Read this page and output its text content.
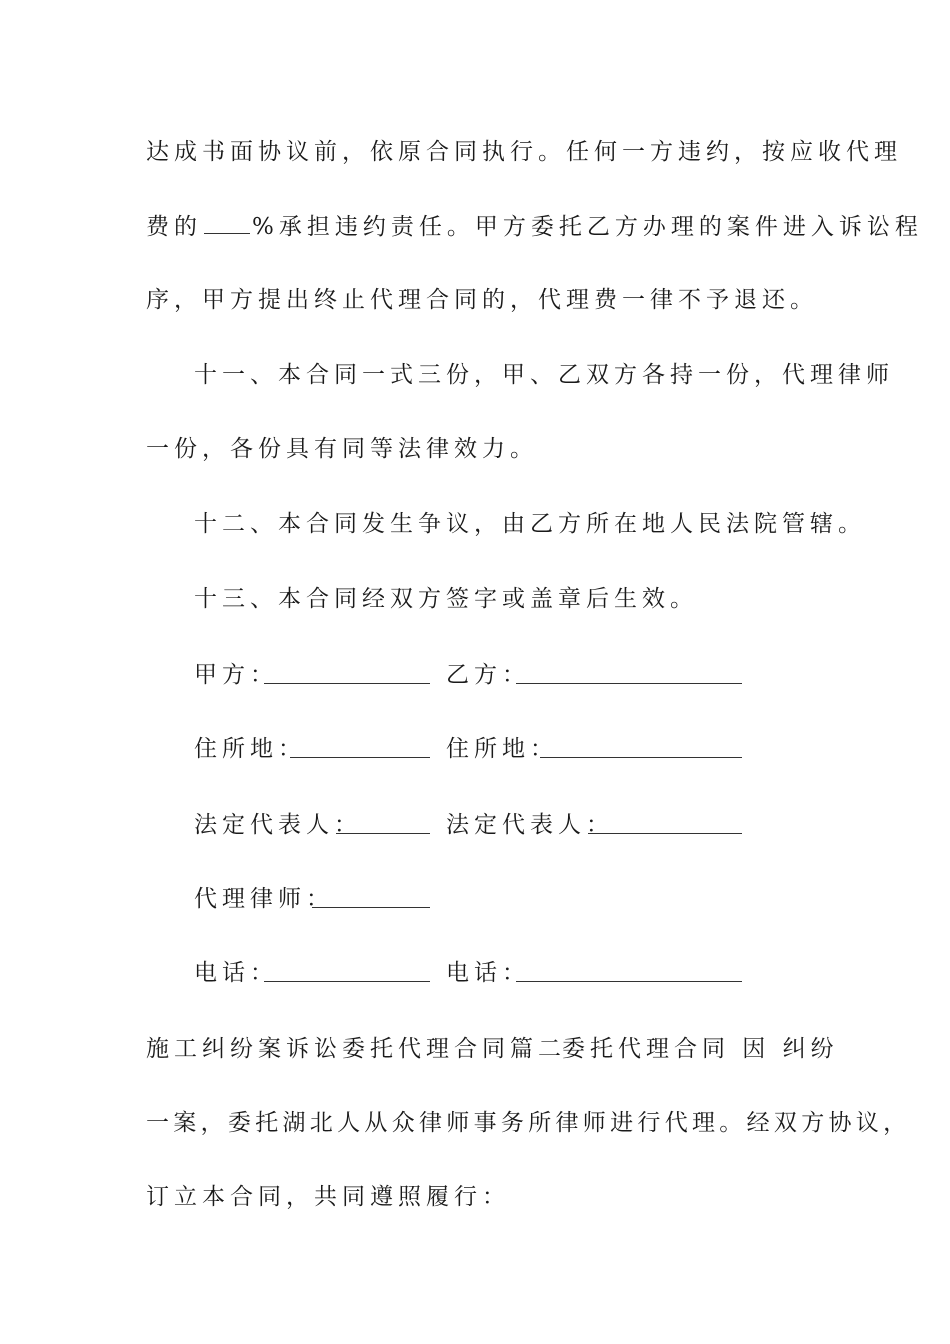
达成书面协议前，依原合同执行。任何一方违约，按应收代理
费的 %承担违约责任。甲方委托乙方办理的案件进入诉讼程
序，甲方提出终止代理合同的，代理费一律不予退还。
十一、本合同一式三份，甲、乙双方各持一份，代理律师
一份，各份具有同等法律效力。
十二、本合同发生争议，由乙方所在地人民法院管辖。
十三、本合同经双方签字或盖章后生效。
甲方：	乙方：
住所地：	住所地：
法定代表人：	法定代表人：
代理律师：
电话：	电话：
施工纠纷案诉讼委托代理合同篇二
委托代理合同 因 纠纷
一案，委托湖北人从众律师事务所律师进行代理。经双方协议，
订立本合同，共同遵照履行：
